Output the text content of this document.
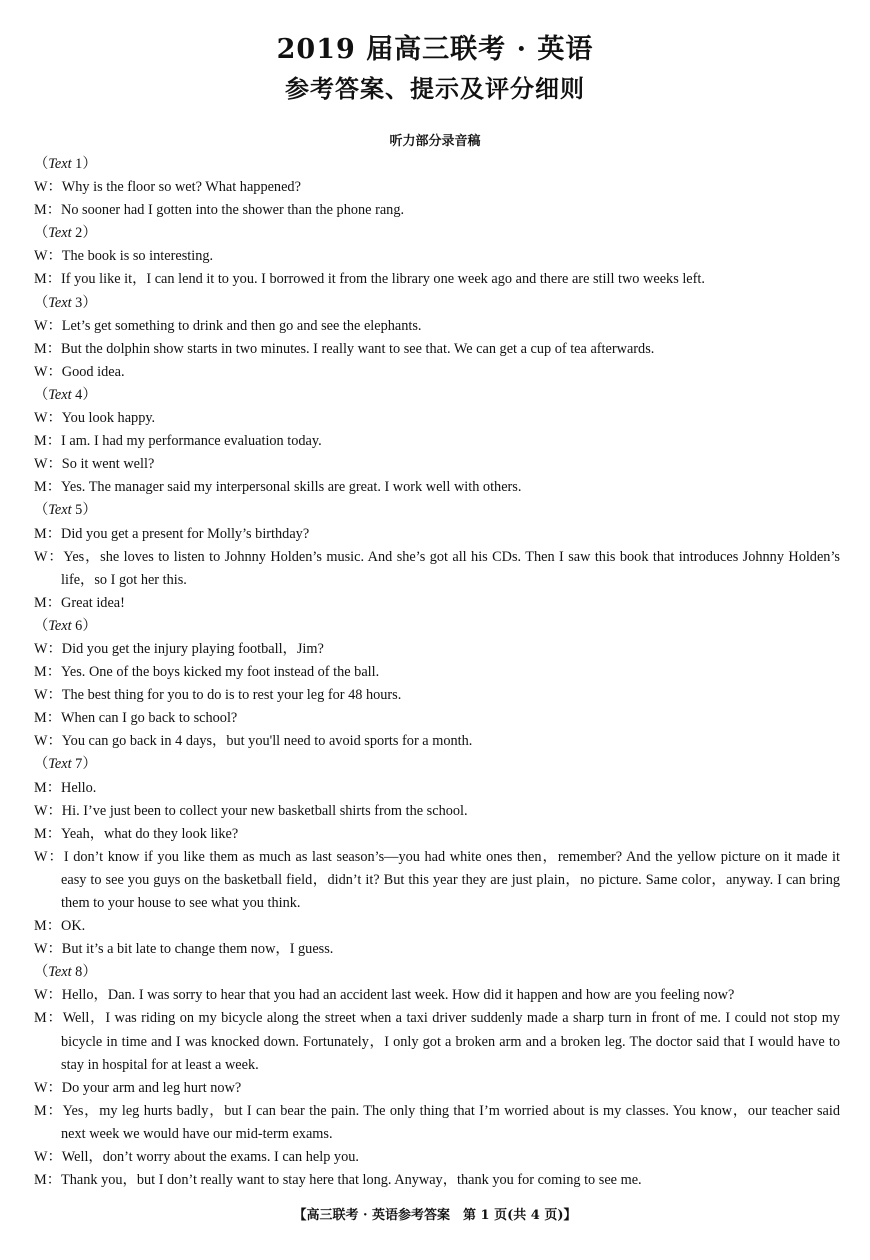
2019 届高三联考 · 英语
参考答案、提示及评分细则
听力部分录音稿
（Text 1）
W：Why is the floor so wet? What happened?
M：No sooner had I gotten into the shower than the phone rang.
（Text 2）
W：The book is so interesting.
M：If you like it，I can lend it to you. I borrowed it from the library one week ago and there are still two weeks left.
（Text 3）
W：Let’s get something to drink and then go and see the elephants.
M：But the dolphin show starts in two minutes. I really want to see that. We can get a cup of tea afterwards.
W：Good idea.
（Text 4）
W：You look happy.
M：I am. I had my performance evaluation today.
W：So it went well?
M：Yes. The manager said my interpersonal skills are great. I work well with others.
（Text 5）
M：Did you get a present for Molly’s birthday?
W：Yes，she loves to listen to Johnny Holden’s music. And she’s got all his CDs. Then I saw this book that introduces Johnny Holden’s life，so I got her this.
M：Great idea!
（Text 6）
W：Did you get the injury playing football，Jim?
M：Yes. One of the boys kicked my foot instead of the ball.
W：The best thing for you to do is to rest your leg for 48 hours.
M：When can I go back to school?
W：You can go back in 4 days，but you'll need to avoid sports for a month.
（Text 7）
M：Hello.
W：Hi. I’ve just been to collect your new basketball shirts from the school.
M：Yeah，what do they look like?
W：I don’t know if you like them as much as last season’s—you had white ones then，remember? And the yellow picture on it made it easy to see you guys on the basketball field，didn’t it? But this year they are just plain，no picture. Same color，anyway. I can bring them to your house to see what you think.
M：OK.
W：But it’s a bit late to change them now，I guess.
（Text 8）
W：Hello，Dan. I was sorry to hear that you had an accident last week. How did it happen and how are you feeling now?
M：Well，I was riding on my bicycle along the street when a taxi driver suddenly made a sharp turn in front of me. I could not stop my bicycle in time and I was knocked down. Fortunately，I only got a broken arm and a broken leg. The doctor said that I would have to stay in hospital for at least a week.
W：Do your arm and leg hurt now?
M：Yes，my leg hurts badly，but I can bear the pain. The only thing that I’m worried about is my classes. You know，our teacher said next week we would have our mid-term exams.
W：Well，don’t worry about the exams. I can help you.
M：Thank you，but I don’t really want to stay here that long. Anyway，thank you for coming to see me.
【高三联考 · 英语参考答案　第 1 页(共 4 页)】
